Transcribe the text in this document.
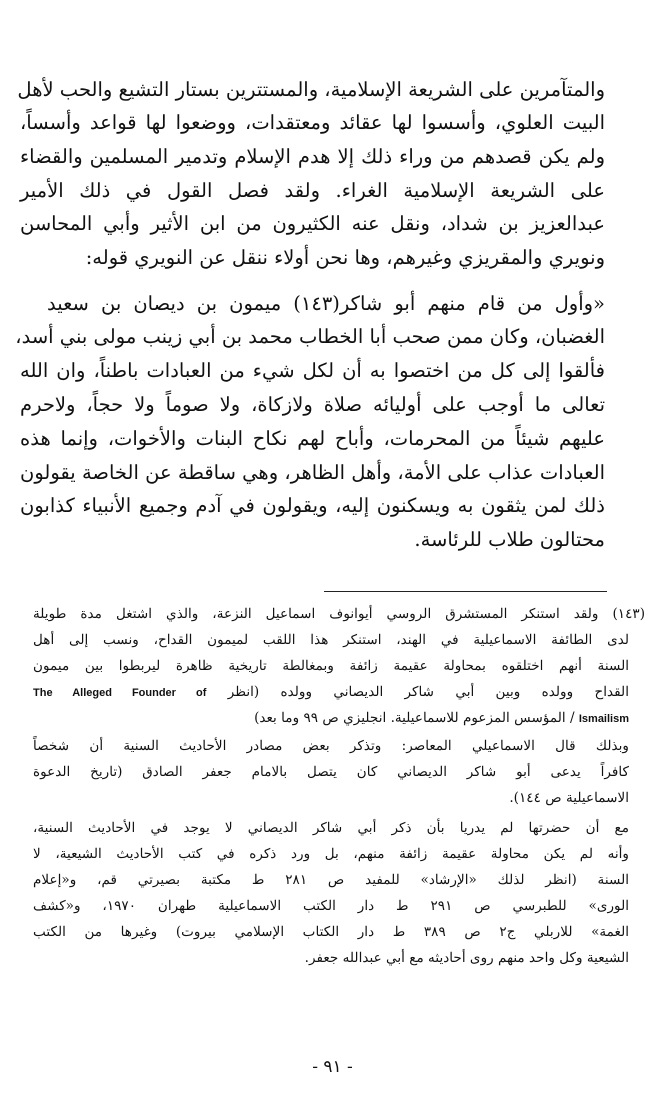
والمتآمرين على الشريعة الإسلامية، والمستترين بستار التشيع والحب لأهل
البيت العلوي، وأسسوا لها عقائد ومعتقدات، ووضعوا لها قواعد وأسساً،
ولم يكن قصدهم من وراء ذلك إلا هدم الإسلام وتدمير المسلمين والقضاء
على الشريعة الإسلامية الغراء. ولقد فصل القول في ذلك الأمير
عبدالعزيز بن شداد، ونقل عنه الكثيرون من ابن الأثير وأبي المحاسن
ونويري والمقريزي وغيرهم، وها نحن أولاء ننقل عن النويري قوله:
«وأول من قام منهم أبو شاكر(١٤٣) ميمون بن ديصان بن سعيد
الغضبان، وكان ممن صحب أبا الخطاب محمد بن أبي زينب مولى بني أسد،
فألقوا إلى كل من اختصوا به أن لكل شيء من العبادات باطناً، وان الله
تعالى ما أوجب على أوليائه صلاة ولازكاة، ولا صوماً ولا حجاً، ولاحرم
عليهم شيئاً من المحرمات، وأباح لهم نكاح البنات والأخوات، وإنما هذه
العبادات عذاب على الأمة، وأهل الظاهر، وهي ساقطة عن الخاصة يقولون
ذلك لمن يثقون به ويسكنون إليه، ويقولون في آدم وجميع الأنبياء كذابون
محتالون طلاب للرئاسة.
(١٤٣) ولقد استنكر المستشرق الروسي أيوانوف اسماعيل النزعة، والذي اشتغل مدة طويلة
لدى الطائفة الاسماعيلية في الهند، استنكر هذا اللقب لميمون القداح، ونسب إلى أهل
السنة أنهم اختلقوه بمحاولة عقيمة زائفة وبمغالطة تاريخية ظاهرة ليربطوا بين ميمون
القداح وولده وبين أبي شاكر الديصاني وولده (انظر The Alleged Founder of
Ismailism / المؤسس المزعوم للاسماعيلية. انجليزي ص ٩٩ وما بعد)
وبذلك قال الاسماعيلي المعاصر: وتذكر بعض مصادر الأحاديث السنية أن شخصاً
كافراً يدعى أبو شاكر الديصاني كان يتصل بالامام جعفر الصادق (تاريخ الدعوة
الاسماعيلية ص ١٤٤).
مع أن حضرتها لم يدريا بأن ذكر أبي شاكر الديصاني لا يوجد في الأحاديث السنية،
وأنه لم يكن محاولة عقيمة زائفة منهم، بل ورد ذكره في كتب الأحاديث الشيعية، لا
السنة (انظر لذلك «الإرشاد» للمفيد ص ٢٨١ ط مكتبة بصيرتي قم، و«إعلام
الورى» للطبرسي ص ٢٩١ ط دار الكتب الاسماعيلية طهران ١٩٧٠، و«كشف
الغمة» للاربلي ج٢ ص ٣٨٩ ط دار الكتاب الإسلامي بيروت) وغيرها من الكتب
الشيعية وكل واحد منهم روى أحاديثه مع أبي عبدالله جعفر.
- ٩١ -
